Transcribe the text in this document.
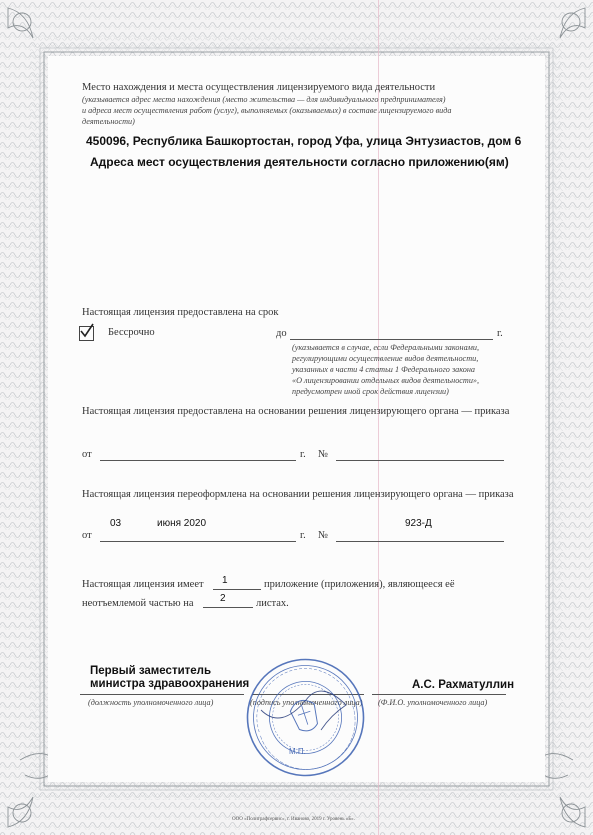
Место нахождения и места осуществления лицензируемого вида деятельности
(указывается адрес места нахождения (место жительства — для индивидуального предпринимателя)
и адреса мест осуществления работ (услуг), выполняемых (оказываемых) в составе лицензируемого вида
деятельности)
450096, Республика Башкортостан, город Уфа, улица Энтузиастов, дом 6
Адреса мест осуществления деятельности согласно приложению(ям)
Настоящая лицензия предоставлена на срок
Бессрочно	до	г.
(указывается в случае, если Федеральными законами,
регулирующими осуществление видов деятельности,
указанных в части 4 статьи 1 Федерального закона
«О лицензировании отдельных видов деятельности»,
предусмотрен иной срок действия лицензии)
Настоящая лицензия предоставлена на основании решения лицензирующего органа — приказа
от	г. №
Настоящая лицензия переоформлена на основании решения лицензирующего органа — приказа
03	июня 2020	923-Д
от	г. №
Настоящая лицензия имеет 1	приложение (приложения), являющееся её
неотъемлемой частью на	2	листах.
Первый заместитель
министра здравоохранения
(должность уполномоченного лица)	(подпись уполномоченного лица)
А.С. Рахматуллин
(Ф.И.О. уполномоченного лица)
М.П.
ООО «Полиграфсервис», г. Иваново, 2019 г. Уровень «Б».
